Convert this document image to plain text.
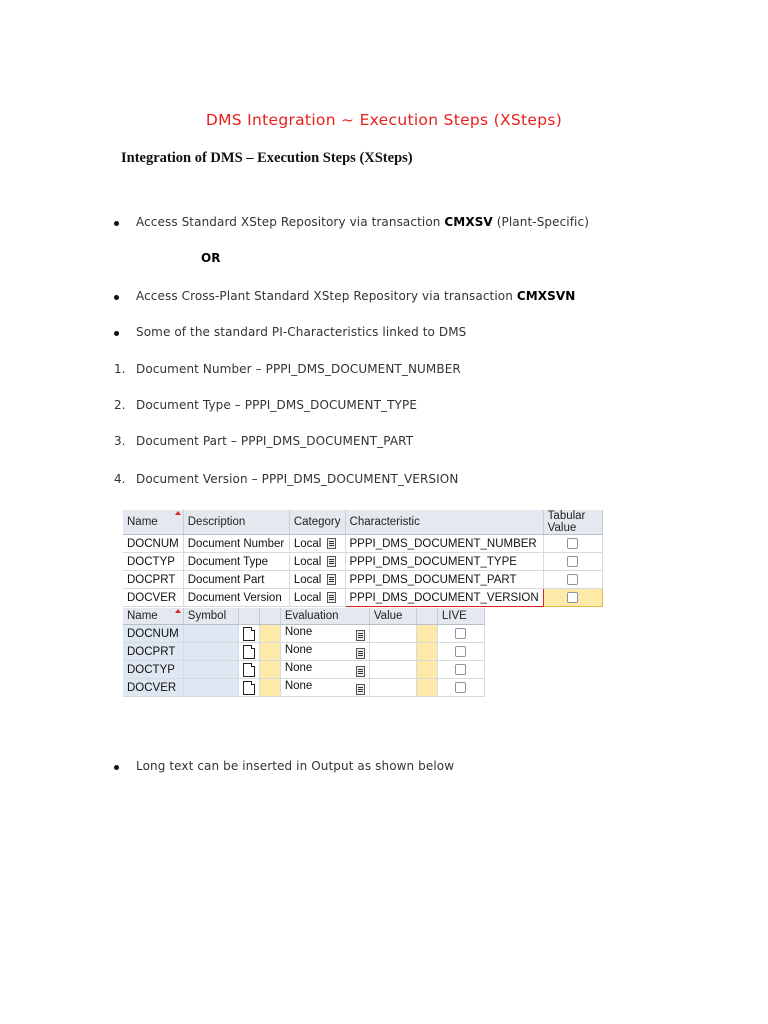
DMS Integration ~ Execution Steps (XSteps)
Integration of DMS – Execution Steps (XSteps)
Access Standard XStep Repository via transaction CMXSV (Plant-Specific)
OR
Access Cross-Plant Standard XStep Repository via transaction CMXSVN
Some of the standard PI-Characteristics linked to DMS
1. Document Number – PPPI_DMS_DOCUMENT_NUMBER
2. Document Type – PPPI_DMS_DOCUMENT_TYPE
3. Document Part – PPPI_DMS_DOCUMENT_PART
4. Document Version – PPPI_DMS_DOCUMENT_VERSION
Name	Description	Category	Characteristic	Tabular Value
DOCNUM	Document Number	Local	PPPI_DMS_DOCUMENT_NUMBER	
DOCTYP	Document Type	Local	PPPI_DMS_DOCUMENT_TYPE	
DOCPRT	Document Part	Local	PPPI_DMS_DOCUMENT_PART	
DOCVER	Document Version	Local	PPPI_DMS_DOCUMENT_VERSION	
Name	Symbol			Evaluation	Value		LIVE
DOCNUM				None

DOCPRT				None

DOCTYP				None

DOCVER				None

Long text can be inserted in Output as shown below
